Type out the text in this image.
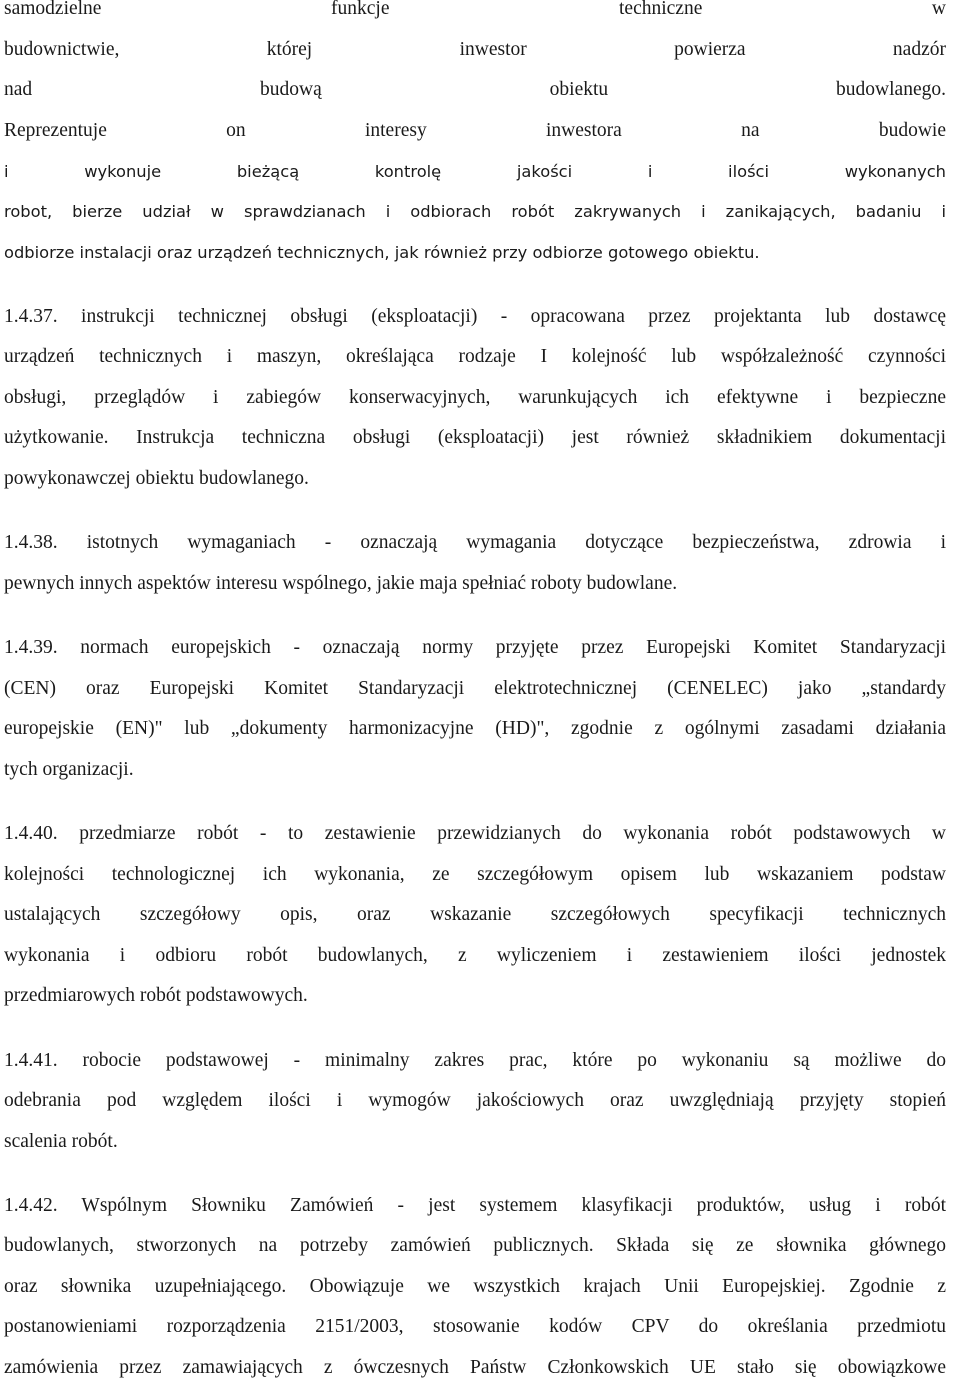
samodzielne funkcje techniczne w
budownictwie, której inwestor powierza nadzór
nad budową obiektu budowlanego.
Reprezentuje on interesy inwestora na budowie
i wykonuje bieżącą kontrolę jakości i ilości wykonanych
robot, bierze udział w sprawdzianach i odbiorach robót zakrywanych i zanikających, badaniu i
odbiorze instalacji oraz urządzeń technicznych, jak również przy odbiorze gotowego obiektu.
1.4.37. instrukcji technicznej obsługi (eksploatacji) - opracowana przez projektanta lub dostawcę
urządzeń technicznych i maszyn, określająca rodzaje I kolejność lub współzależność czynności
obsługi, przeglądów i zabiegów konserwacyjnych, warunkujących ich efektywne i bezpieczne
użytkowanie. Instrukcja techniczna obsługi (eksploatacji) jest również składnikiem dokumentacji
powykonawczej obiektu budowlanego.
1.4.38. istotnych wymaganiach - oznaczają wymagania dotyczące bezpieczeństwa, zdrowia i
pewnych innych aspektów interesu wspólnego, jakie maja spełniać roboty budowlane.
1.4.39. normach europejskich - oznaczają normy przyjęte przez Europejski Komitet Standaryzacji
(CEN) oraz Europejski Komitet Standaryzacji elektrotechnicznej (CENELEC) jako „standardy
europejskie (EN)" lub „dokumenty harmonizacyjne (HD)", zgodnie z ogólnymi zasadami działania
tych organizacji.
1.4.40. przedmiarze robót - to zestawienie przewidzianych do wykonania robót podstawowych w
kolejności technologicznej ich wykonania, ze szczegółowym opisem lub wskazaniem podstaw
ustalających szczegółowy opis, oraz wskazanie szczegółowych specyfikacji technicznych
wykonania i odbioru robót budowlanych, z wyliczeniem i zestawieniem ilości jednostek
przedmiarowych robót podstawowych.
1.4.41. robocie podstawowej - minimalny zakres prac, które po wykonaniu są możliwe do
odebrania pod względem ilości i wymogów jakościowych oraz uwzględniają przyjęty stopień
scalenia robót.
1.4.42. Wspólnym Słowniku Zamówień - jest systemem klasyfikacji produktów, usług i robót
budowlanych, stworzonych na potrzeby zamówień publicznych. Składa się ze słownika głównego
oraz słownika uzupełniającego. Obowiązuje we wszystkich krajach Unii Europejskiej. Zgodnie z
postanowieniami rozporządzenia 2151/2003, stosowanie kodów CPV do określania przedmiotu
zamówienia przez zamawiających z ówczesnych Państw Członkowskich UE stało się obowiązkowe
